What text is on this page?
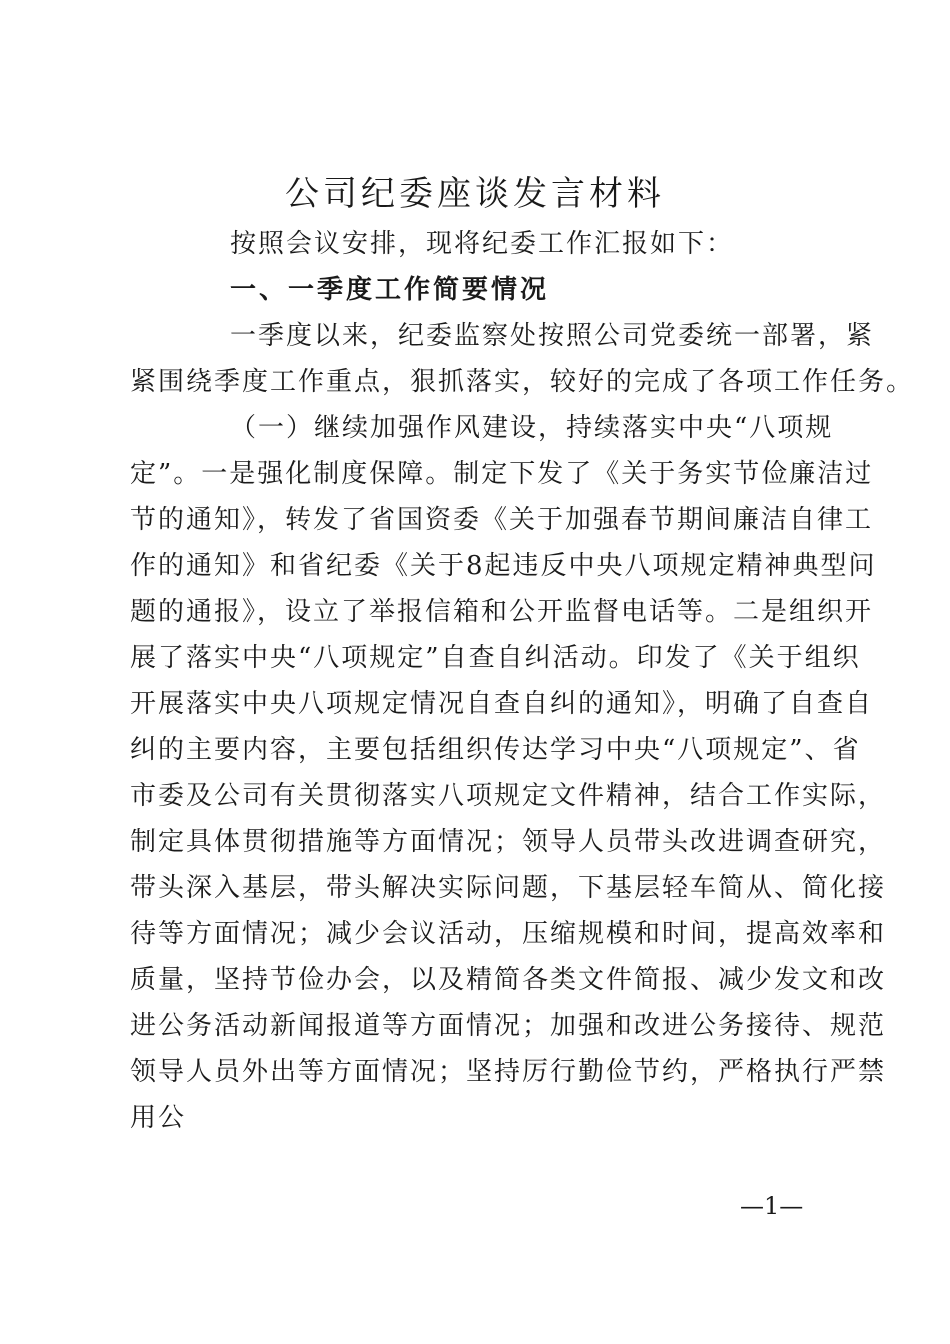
公司纪委座谈发言材料
按照会议安排，现将纪委工作汇报如下：
一、一季度工作简要情况
一季度以来，纪委监察处按照公司党委统一部署，紧
紧围绕季度工作重点，狠抓落实，较好的完成了各项工作任务。
（一）继续加强作风建设，持续落实中央“八项规
定”。一是强化制度保障。制定下发了《关于务实节俭廉洁过
节的通知》，转发了省国资委《关于加强春节期间廉洁自律工
作的通知》和省纪委《关于8起违反中央八项规定精神典型问
题的通报》，设立了举报信箱和公开监督电话等。二是组织开
展了落实中央“八项规定”自查自纠活动。印发了《关于组织
开展落实中央八项规定情况自查自纠的通知》，明确了自查自
纠的主要内容，主要包括组织传达学习中央“八项规定”、省
市委及公司有关贯彻落实八项规定文件精神，结合工作实际，
制定具体贯彻措施等方面情况；领导人员带头改进调查研究，
带头深入基层，带头解决实际问题，下基层轻车简从、简化接
待等方面情况；减少会议活动，压缩规模和时间，提高效率和
质量，坚持节俭办会，以及精简各类文件简报、减少发文和改
进公务活动新闻报道等方面情况；加强和改进公务接待、规范
领导人员外出等方面情况；坚持厉行勤俭节约，严格执行严禁
用公
—1—
